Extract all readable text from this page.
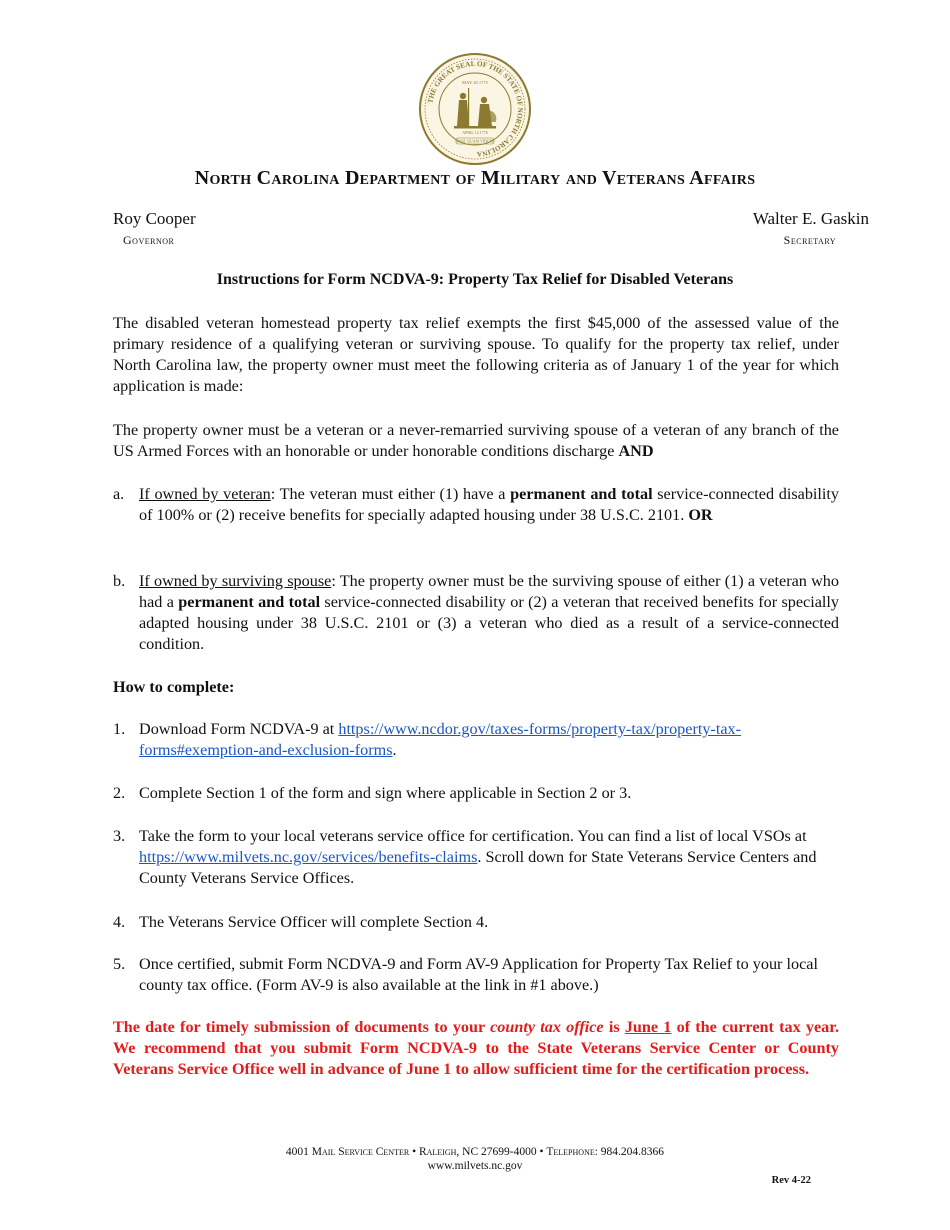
THE GREAT SEAL OF THE STATE OF NORTH CAROLINA
MAY 20 1775
APRIL 12 1776
ESSE QUAM VIDERI
North Carolina Department of Military and Veterans Affairs
Roy Cooper
Governor
Walter E. Gaskin
Secretary
Instructions for Form NCDVA-9: Property Tax Relief for Disabled Veterans
The disabled veteran homestead property tax relief exempts the first $45,000 of the assessed value of the primary residence of a qualifying veteran or surviving spouse. To qualify for the property tax relief, under North Carolina law, the property owner must meet the following criteria as of January 1 of the year for which application is made:
The property owner must be a veteran or a never-remarried surviving spouse of a veteran of any branch of the US Armed Forces with an honorable or under honorable conditions discharge AND
a. If owned by veteran: The veteran must either (1) have a permanent and total service-connected disability of 100% or (2) receive benefits for specially adapted housing under 38 U.S.C. 2101. OR
b. If owned by surviving spouse: The property owner must be the surviving spouse of either (1) a veteran who had a permanent and total service-connected disability or (2) a veteran that received benefits for specially adapted housing under 38 U.S.C. 2101 or (3) a veteran who died as a result of a service-connected condition.
How to complete:
1. Download Form NCDVA-9 at https://www.ncdor.gov/taxes-forms/property-tax/property-tax-forms#exemption-and-exclusion-forms.
2. Complete Section 1 of the form and sign where applicable in Section 2 or 3.
3. Take the form to your local veterans service office for certification. You can find a list of local VSOs at https://www.milvets.nc.gov/services/benefits-claims. Scroll down for State Veterans Service Centers and County Veterans Service Offices.
4. The Veterans Service Officer will complete Section 4.
5. Once certified, submit Form NCDVA-9 and Form AV-9 Application for Property Tax Relief to your local county tax office. (Form AV-9 is also available at the link in #1 above.)
The date for timely submission of documents to your county tax office is June 1 of the current tax year. We recommend that you submit Form NCDVA-9 to the State Veterans Service Center or County Veterans Service Office well in advance of June 1 to allow sufficient time for the certification process.
4001 Mail Service Center • Raleigh, NC 27699-4000 • Telephone: 984.204.8366
www.milvets.nc.gov
Rev 4-22
